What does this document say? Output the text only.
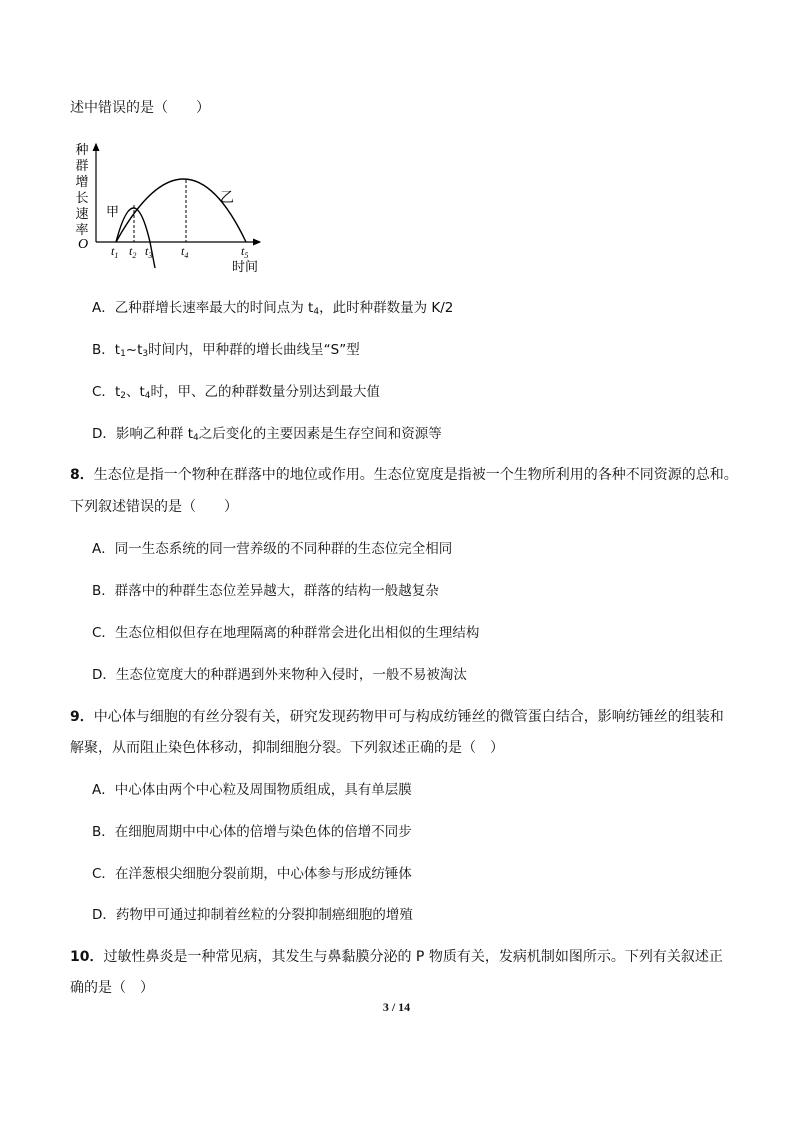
述中错误的是（　　）
种
群
增
长
速
率
O
甲
乙
$t_1$ $t_2$ $t_3$ $t_4$	$t_5$
时间
A．乙种群增长速率最大的时间点为 $t_4$，此时种群数量为 K/2
B．$t_1\sim t_3$时间内，甲种群的增长曲线呈“S”型
C．$t_2$、$t_4$时，甲、乙的种群数量分别达到最大值
D．影响乙种群 $t_4$之后变化的主要因素是生存空间和资源等
8．生态位是指一个物种在群落中的地位或作用。生态位宽度是指被一个生物所利用的各种不同资源的总和。
下列叙述错误的是（　　）
A．同一生态系统的同一营养级的不同种群的生态位完全相同
B．群落中的种群生态位差异越大，群落的结构一般越复杂
C．生态位相似但存在地理隔离的种群常会进化出相似的生理结构
D．生态位宽度大的种群遇到外来物种入侵时，一般不易被淘汰
9．中心体与细胞的有丝分裂有关，研究发现药物甲可与构成纺锤丝的微管蛋白结合，影响纺锤丝的组装和
解聚，从而阻止染色体移动，抑制细胞分裂。下列叙述正确的是（　）
A．中心体由两个中心粒及周围物质组成，具有单层膜
B．在细胞周期中中心体的倍增与染色体的倍增不同步
C．在洋葱根尖细胞分裂前期，中心体参与形成纺锤体
D．药物甲可通过抑制着丝粒的分裂抑制癌细胞的增殖
10．过敏性鼻炎是一种常见病，其发生与鼻黏膜分泌的 P 物质有关，发病机制如图所示。下列有关叙述正
确的是（　）
3 / 14
